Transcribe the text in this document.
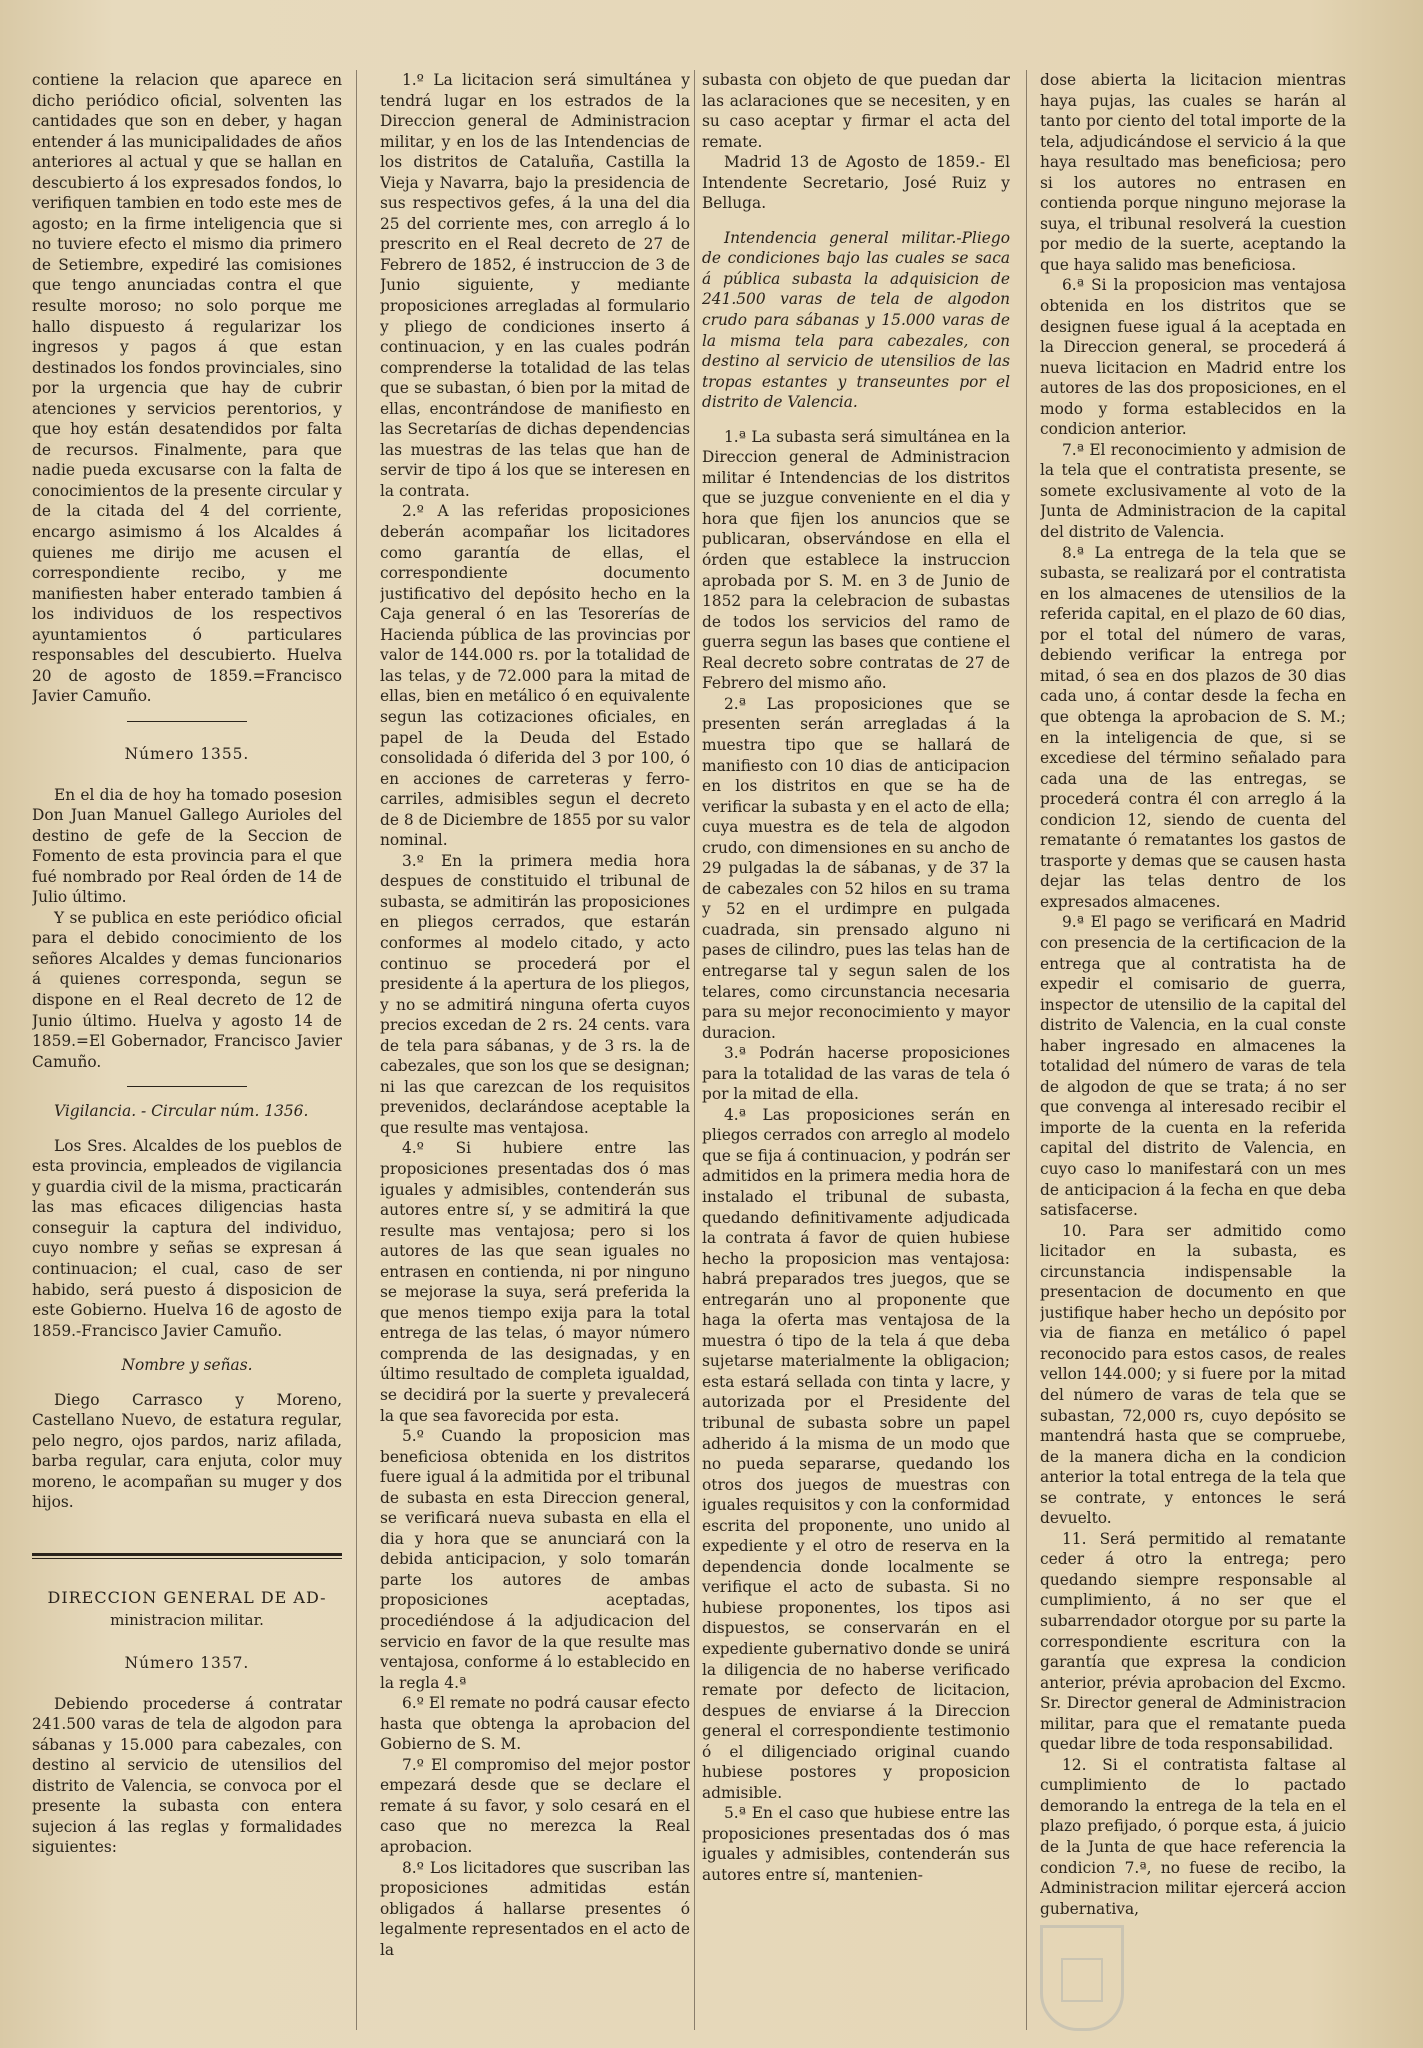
contiene la relacion que aparece en dicho periódico oficial, solventen las cantidades que son en deber, y hagan entender á las municipalidades de años anteriores al actual y que se hallan en descubierto á los expresados fondos, lo verifiquen tambien en todo este mes de agosto; en la firme inteligencia que si no tuviere efecto el mismo dia primero de Setiembre, expediré las comisiones que tengo anunciadas contra el que resulte moroso; no solo porque me hallo dispuesto á regularizar los ingresos y pagos á que estan destinados los fondos provinciales, sino por la urgencia que hay de cubrir atenciones y servicios perentorios, y que hoy están desatendidos por falta de recursos. Finalmente, para que nadie pueda excusarse con la falta de conocimientos de la presente circular y de la citada del 4 del corriente, encargo asimismo á los Alcaldes á quienes me dirijo me acusen el correspondiente recibo, y me manifiesten haber enterado tambien á los individuos de los respectivos ayuntamientos ó particulares responsables del descubierto. Huelva 20 de agosto de 1859.=Francisco Javier Camuño.

Número 1355.

En el dia de hoy ha tomado posesion Don Juan Manuel Gallego Aurioles del destino de gefe de la Seccion de Fomento de esta provincia para el que fué nombrado por Real órden de 14 de Julio último.

Y se publica en este periódico oficial para el debido conocimiento de los señores Alcaldes y demas funcionarios á quienes corresponda, segun se dispone en el Real decreto de 12 de Junio último. Huelva y agosto 14 de 1859.=El Gobernador, Francisco Javier Camuño.

Vigilancia. - Circular núm. 1356.

Los Sres. Alcaldes de los pueblos de esta provincia, empleados de vigilancia y guardia civil de la misma, practicarán las mas eficaces diligencias hasta conseguir la captura del individuo, cuyo nombre y señas se expresan á continuacion; el cual, caso de ser habido, será puesto á disposicion de este Gobierno. Huelva 16 de agosto de 1859.-Francisco Javier Camuño.

Nombre y señas.

Diego Carrasco y Moreno, Castellano Nuevo, de estatura regular, pelo negro, ojos pardos, nariz afilada, barba regular, cara enjuta, color muy moreno, le acompañan su muger y dos hijos.

DIRECCION GENERAL DE AD-
ministracion militar.

Número 1357.

Debiendo procederse á contratar 241.500 varas de tela de algodon para sábanas y 15.000 para cabezales, con destino al servicio de utensilios del distrito de Valencia, se convoca por el presente la subasta con entera sujecion á las reglas y formalidades siguientes:

1.º La licitacion será simultánea y tendrá lugar en los estrados de la Direccion general de Administracion militar, y en los de las Intendencias de los distritos de Cataluña, Castilla la Vieja y Navarra, bajo la presidencia de sus respectivos gefes, á la una del dia 25 del corriente mes, con arreglo á lo prescrito en el Real decreto de 27 de Febrero de 1852, é instruccion de 3 de Junio siguiente, y mediante proposiciones arregladas al formulario y pliego de condiciones inserto á continuacion, y en las cuales podrán comprenderse la totalidad de las telas que se subastan, ó bien por la mitad de ellas, encontrándose de manifiesto en las Secretarías de dichas dependencias las muestras de las telas que han de servir de tipo á los que se interesen en la contrata.

2.º A las referidas proposiciones deberán acompañar los licitadores como garantía de ellas, el correspondiente documento justificativo del depósito hecho en la Caja general ó en las Tesorerías de Hacienda pública de las provincias por valor de 144.000 rs. por la totalidad de las telas, y de 72.000 para la mitad de ellas, bien en metálico ó en equivalente segun las cotizaciones oficiales, en papel de la Deuda del Estado consolidada ó diferida del 3 por 100, ó en acciones de carreteras y ferro-carriles, admisibles segun el decreto de 8 de Diciembre de 1855 por su valor nominal.

3.º En la primera media hora despues de constituido el tribunal de subasta, se admitirán las proposiciones en pliegos cerrados, que estarán conformes al modelo citado, y acto continuo se procederá por el presidente á la apertura de los pliegos, y no se admitirá ninguna oferta cuyos precios excedan de 2 rs. 24 cents. vara de tela para sábanas, y de 3 rs. la de cabezales, que son los que se designan; ni las que carezcan de los requisitos prevenidos, declarándose aceptable la que resulte mas ventajosa.

4.º Si hubiere entre las proposiciones presentadas dos ó mas iguales y admisibles, contenderán sus autores entre sí, y se admitirá la que resulte mas ventajosa; pero si los autores de las que sean iguales no entrasen en contienda, ni por ninguno se mejorase la suya, será preferida la que menos tiempo exija para la total entrega de las telas, ó mayor número comprenda de las designadas, y en último resultado de completa igualdad, se decidirá por la suerte y prevalecerá la que sea favorecida por esta.

5.º Cuando la proposicion mas beneficiosa obtenida en los distritos fuere igual á la admitida por el tribunal de subasta en esta Direccion general, se verificará nueva subasta en ella el dia y hora que se anunciará con la debida anticipacion, y solo tomarán parte los autores de ambas proposiciones aceptadas, procediéndose á la adjudicacion del servicio en favor de la que resulte mas ventajosa, conforme á lo establecido en la regla 4.ª

6.º El remate no podrá causar efecto hasta que obtenga la aprobacion del Gobierno de S. M.

7.º El compromiso del mejor postor empezará desde que se declare el remate á su favor, y solo cesará en el caso que no merezca la Real aprobacion.

8.º Los licitadores que suscriban las proposiciones admitidas están obligados á hallarse presentes ó legalmente representados en el acto de la

subasta con objeto de que puedan dar las aclaraciones que se necesiten, y en su caso aceptar y firmar el acta del remate.

Madrid 13 de Agosto de 1859.- El Intendente Secretario, José Ruiz y Belluga.

Intendencia general militar.-Pliego de condiciones bajo las cuales se saca á pública subasta la adquisicion de 241.500 varas de tela de algodon crudo para sábanas y 15.000 varas de la misma tela para cabezales, con destino al servicio de utensilios de las tropas estantes y transeuntes por el distrito de Valencia.

1.ª La subasta será simultánea en la Direccion general de Administracion militar é Intendencias de los distritos que se juzgue conveniente en el dia y hora que fijen los anuncios que se publicaran, observándose en ella el órden que establece la instruccion aprobada por S. M. en 3 de Junio de 1852 para la celebracion de subastas de todos los servicios del ramo de guerra segun las bases que contiene el Real decreto sobre contratas de 27 de Febrero del mismo año.

2.ª Las proposiciones que se presenten serán arregladas á la muestra tipo que se hallará de manifiesto con 10 dias de anticipacion en los distritos en que se ha de verificar la subasta y en el acto de ella; cuya muestra es de tela de algodon crudo, con dimensiones en su ancho de 29 pulgadas la de sábanas, y de 37 la de cabezales con 52 hilos en su trama y 52 en el urdimpre en pulgada cuadrada, sin prensado alguno ni pases de cilindro, pues las telas han de entregarse tal y segun salen de los telares, como circunstancia necesaria para su mejor reconocimiento y mayor duracion.

3.ª Podrán hacerse proposiciones para la totalidad de las varas de tela ó por la mitad de ella.

4.ª Las proposiciones serán en pliegos cerrados con arreglo al modelo que se fija á continuacion, y podrán ser admitidos en la primera media hora de instalado el tribunal de subasta, quedando definitivamente adjudicada la contrata á favor de quien hubiese hecho la proposicion mas ventajosa: habrá preparados tres juegos, que se entregarán uno al proponente que haga la oferta mas ventajosa de la muestra ó tipo de la tela á que deba sujetarse materialmente la obligacion; esta estará sellada con tinta y lacre, y autorizada por el Presidente del tribunal de subasta sobre un papel adherido á la misma de un modo que no pueda separarse, quedando los otros dos juegos de muestras con iguales requisitos y con la conformidad escrita del proponente, uno unido al expediente y el otro de reserva en la dependencia donde localmente se verifique el acto de subasta. Si no hubiese proponentes, los tipos asi dispuestos, se conservarán en el expediente gubernativo donde se unirá la diligencia de no haberse verificado remate por defecto de licitacion, despues de enviarse á la Direccion general el correspondiente testimonio ó el diligenciado original cuando hubiese postores y proposicion admisible.

5.ª En el caso que hubiese entre las proposiciones presentadas dos ó mas iguales y admisibles, contenderán sus autores entre sí, mantenien-

dose abierta la licitacion mientras haya pujas, las cuales se harán al tanto por ciento del total importe de la tela, adjudicándose el servicio á la que haya resultado mas beneficiosa; pero si los autores no entrasen en contienda porque ninguno mejorase la suya, el tribunal resolverá la cuestion por medio de la suerte, aceptando la que haya salido mas beneficiosa.

6.ª Si la proposicion mas ventajosa obtenida en los distritos que se designen fuese igual á la aceptada en la Direccion general, se procederá á nueva licitacion en Madrid entre los autores de las dos proposiciones, en el modo y forma establecidos en la condicion anterior.

7.ª El reconocimiento y admision de la tela que el contratista presente, se somete exclusivamente al voto de la Junta de Administracion de la capital del distrito de Valencia.

8.ª La entrega de la tela que se subasta, se realizará por el contratista en los almacenes de utensilios de la referida capital, en el plazo de 60 dias, por el total del número de varas, debiendo verificar la entrega por mitad, ó sea en dos plazos de 30 dias cada uno, á contar desde la fecha en que obtenga la aprobacion de S. M.; en la inteligencia de que, si se excediese del término señalado para cada una de las entregas, se procederá contra él con arreglo á la condicion 12, siendo de cuenta del rematante ó rematantes los gastos de trasporte y demas que se causen hasta dejar las telas dentro de los expresados almacenes.

9.ª El pago se verificará en Madrid con presencia de la certificacion de la entrega que al contratista ha de expedir el comisario de guerra, inspector de utensilio de la capital del distrito de Valencia, en la cual conste haber ingresado en almacenes la totalidad del número de varas de tela de algodon de que se trata; á no ser que convenga al interesado recibir el importe de la cuenta en la referida capital del distrito de Valencia, en cuyo caso lo manifestará con un mes de anticipacion á la fecha en que deba satisfacerse.

10. Para ser admitido como licitador en la subasta, es circunstancia indispensable la presentacion de documento en que justifique haber hecho un depósito por via de fianza en metálico ó papel reconocido para estos casos, de reales vellon 144.000; y si fuere por la mitad del número de varas de tela que se subastan, 72,000 rs, cuyo depósito se mantendrá hasta que se compruebe, de la manera dicha en la condicion anterior la total entrega de la tela que se contrate, y entonces le será devuelto.

11. Será permitido al rematante ceder á otro la entrega; pero quedando siempre responsable al cumplimiento, á no ser que el subarrendador otorgue por su parte la correspondiente escritura con la garantía que expresa la condicion anterior, prévia aprobacion del Excmo. Sr. Director general de Administracion militar, para que el rematante pueda quedar libre de toda responsabilidad.

12. Si el contratista faltase al cumplimiento de lo pactado demorando la entrega de la tela en el plazo prefijado, ó porque esta, á juicio de la Junta de que hace referencia la condicion 7.ª, no fuese de recibo, la Administracion militar ejercerá accion gubernativa,
